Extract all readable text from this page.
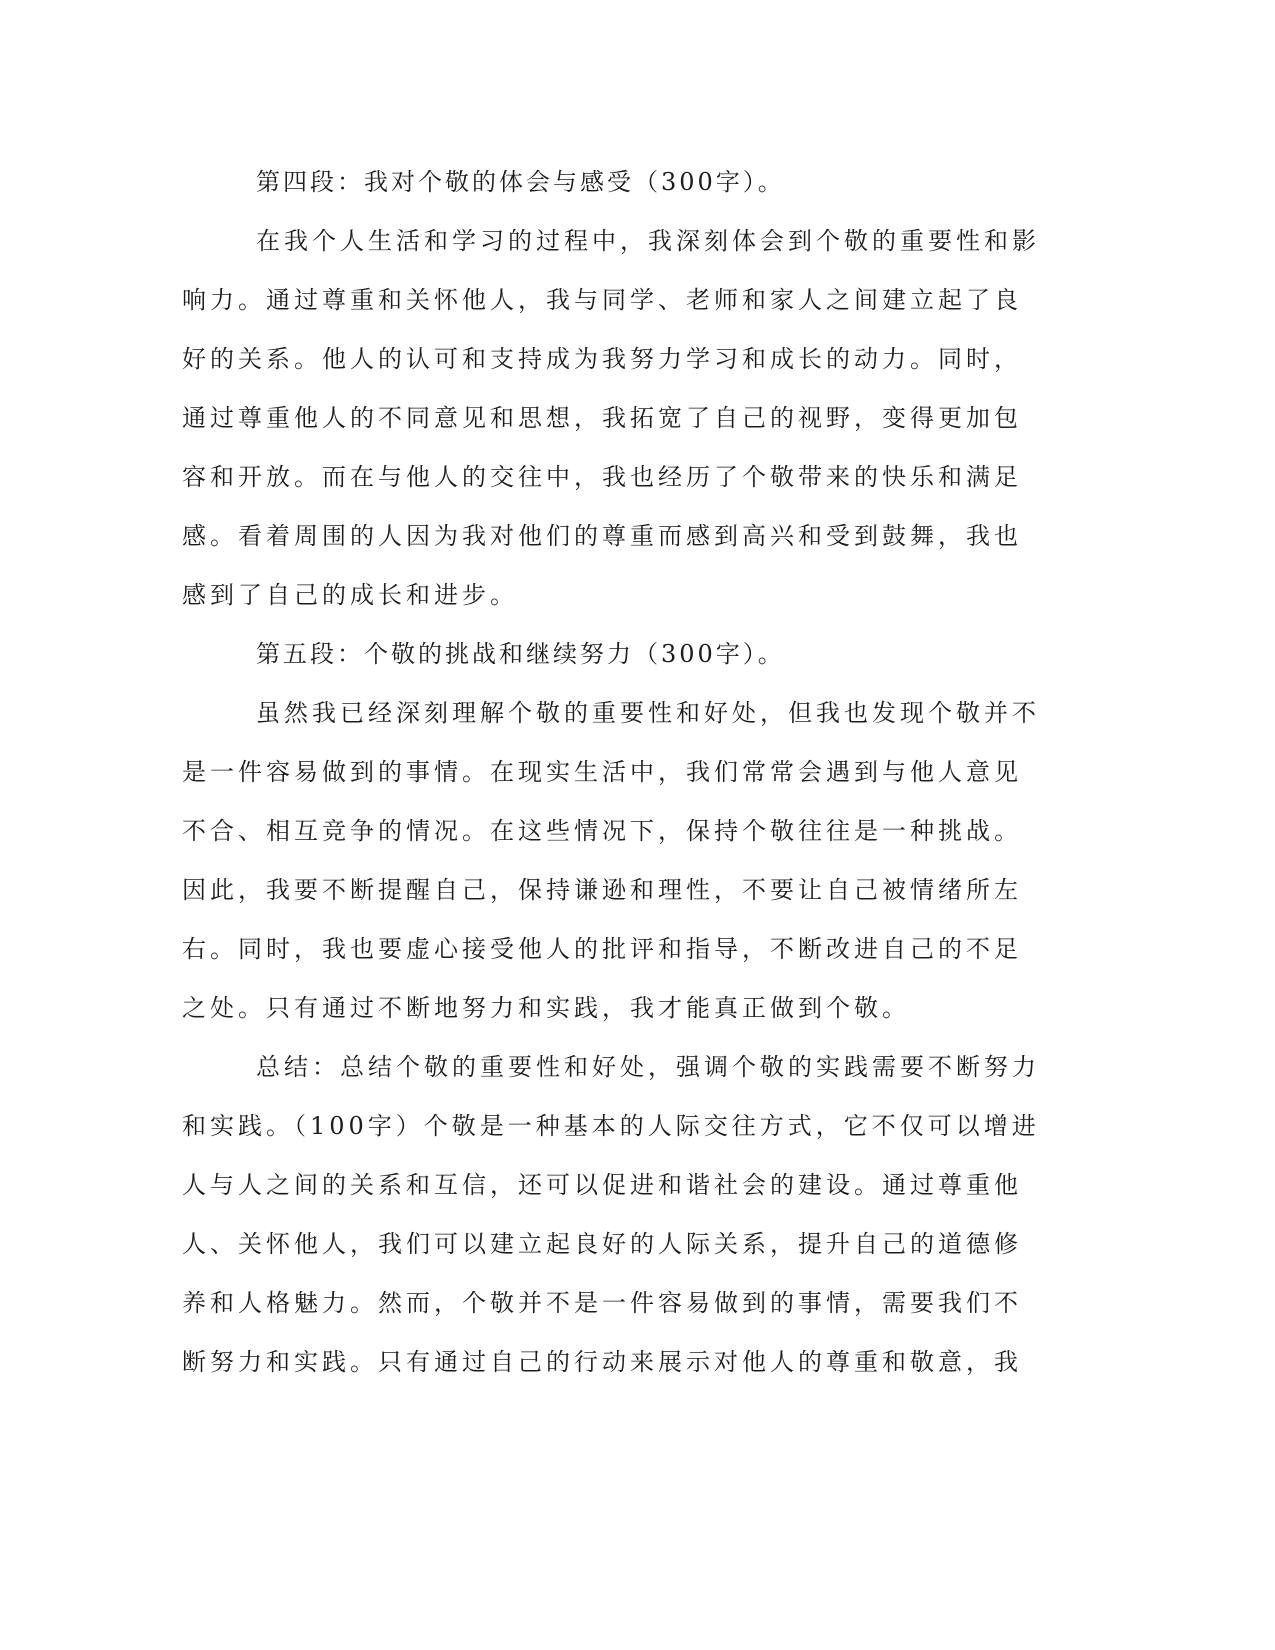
第四段：我对个敬的体会与感受（300字）。

在我个人生活和学习的过程中，我深刻体会到个敬的重要性和影响力。通过尊重和关怀他人，我与同学、老师和家人之间建立起了良好的关系。他人的认可和支持成为我努力学习和成长的动力。同时，通过尊重他人的不同意见和思想，我拓宽了自己的视野，变得更加包容和开放。而在与他人的交往中，我也经历了个敬带来的快乐和满足感。看着周围的人因为我对他们的尊重而感到高兴和受到鼓舞，我也感到了自己的成长和进步。

第五段：个敬的挑战和继续努力（300字）。

虽然我已经深刻理解个敬的重要性和好处，但我也发现个敬并不是一件容易做到的事情。在现实生活中，我们常常会遇到与他人意见不合、相互竞争的情况。在这些情况下，保持个敬往往是一种挑战。因此，我要不断提醒自己，保持谦逊和理性，不要让自己被情绪所左右。同时，我也要虚心接受他人的批评和指导，不断改进自己的不足之处。只有通过不断地努力和实践，我才能真正做到个敬。

总结：总结个敬的重要性和好处，强调个敬的实践需要不断努力和实践。（100字）个敬是一种基本的人际交往方式，它不仅可以增进人与人之间的关系和互信，还可以促进和谐社会的建设。通过尊重他人、关怀他人，我们可以建立起良好的人际关系，提升自己的道德修养和人格魅力。然而，个敬并不是一件容易做到的事情，需要我们不断努力和实践。只有通过自己的行动来展示对他人的尊重和敬意，我
